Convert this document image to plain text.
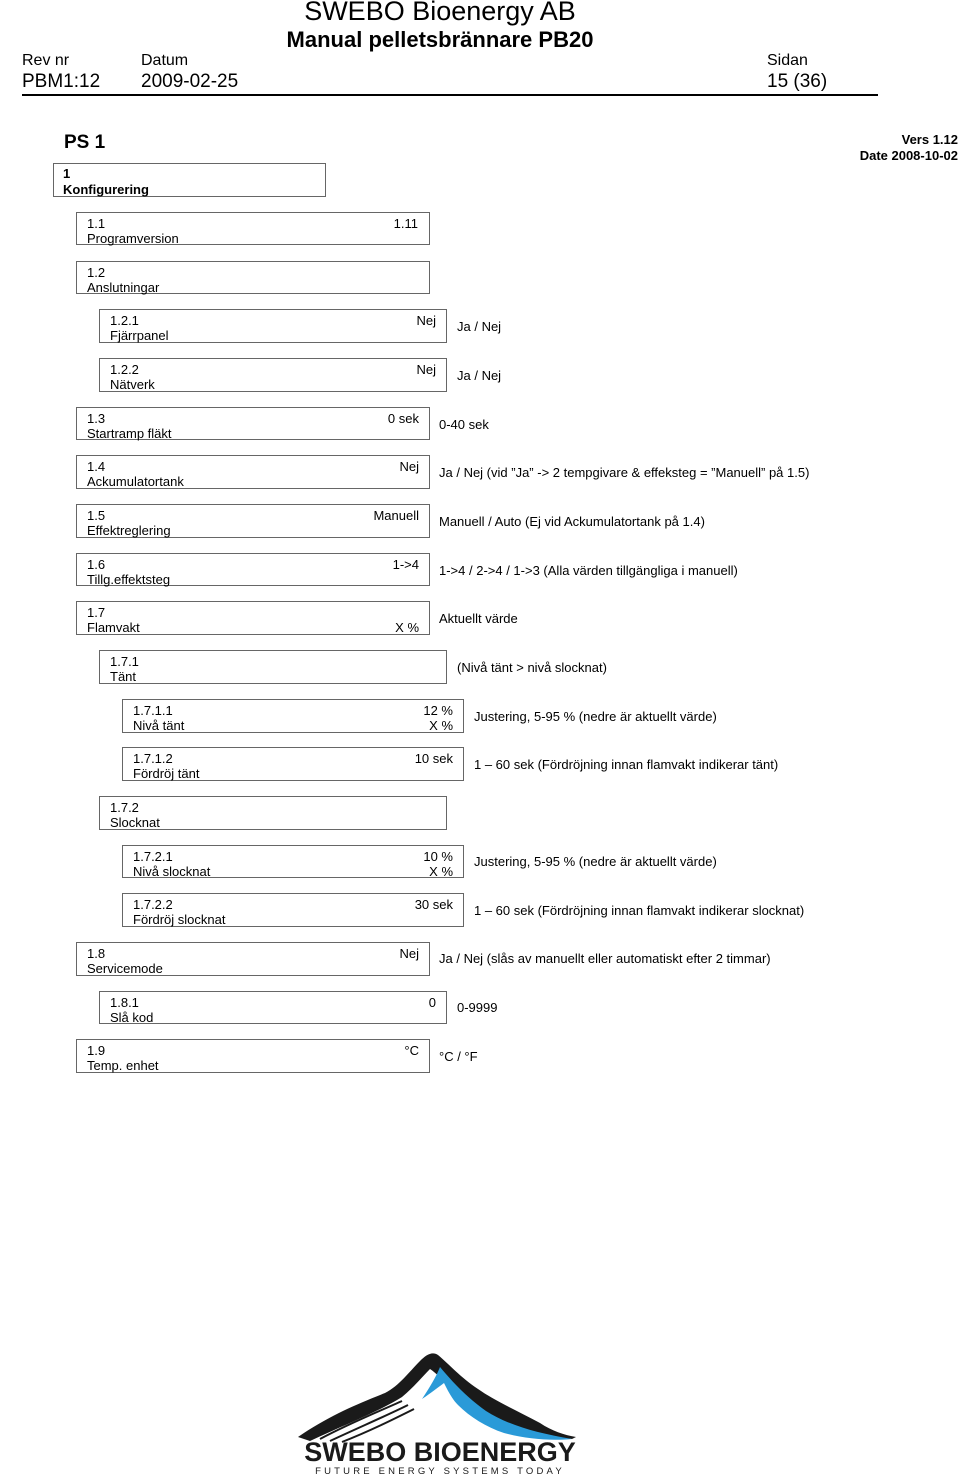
SWEBO Bioenergy AB
Manual pelletsbrännare PB20
Rev nr
PBM1:12
Datum
2009-02-25
Sidan
15 (36)
PS 1	Vers 1.12
Date 2008-10-02
1
Konfigurering
1.1
Programversion
1.11
1.2
Anslutningar
1.2.1
Fjärrpanel
Nej Ja / Nej
1.2.2
Nätverk
Nej Ja / Nej
1.3
Startramp fläkt
0 sek 0-40 sek
1.4
Ackumulatortank
Nej Ja / Nej (vid ”Ja” -> 2 tempgivare & effeksteg = ”Manuell” på 1.5)
1.5
Effektreglering
Manuell Manuell / Auto (Ej vid Ackumulatortank på 1.4)
1.6
Tillg.effektsteg
1->4 1->4 / 2->4 / 1->3 (Alla värden tillgängliga i manuell)
1.7
Flamvakt	X %
Aktuellt värde
1.7.1
Tänt
(Nivå tänt > nivå slocknat)
1.7.1.1
Nivå tänt
12 %
X %
Justering, 5-95 % (nedre är aktuellt värde)
1.7.1.2
Fördröj tänt
10 sek 1 – 60 sek (Fördröjning innan flamvakt indikerar tänt)
1.7.2
Slocknat
1.7.2.1
Nivå slocknat
10 %
X %
Justering, 5-95 % (nedre är aktuellt värde)
1.7.2.2
Fördröj slocknat
30 sek 1 – 60 sek (Fördröjning innan flamvakt indikerar slocknat)
1.8
Servicemode
Nej Ja / Nej (slås av manuellt eller automatiskt efter 2 timmar)
1.8.1
Slå kod
0 0-9999
1.9
Temp. enhet
°C °C / °F
SWEBO BIOENERGY
FUTURE ENERGY SYSTEMS TODAY
